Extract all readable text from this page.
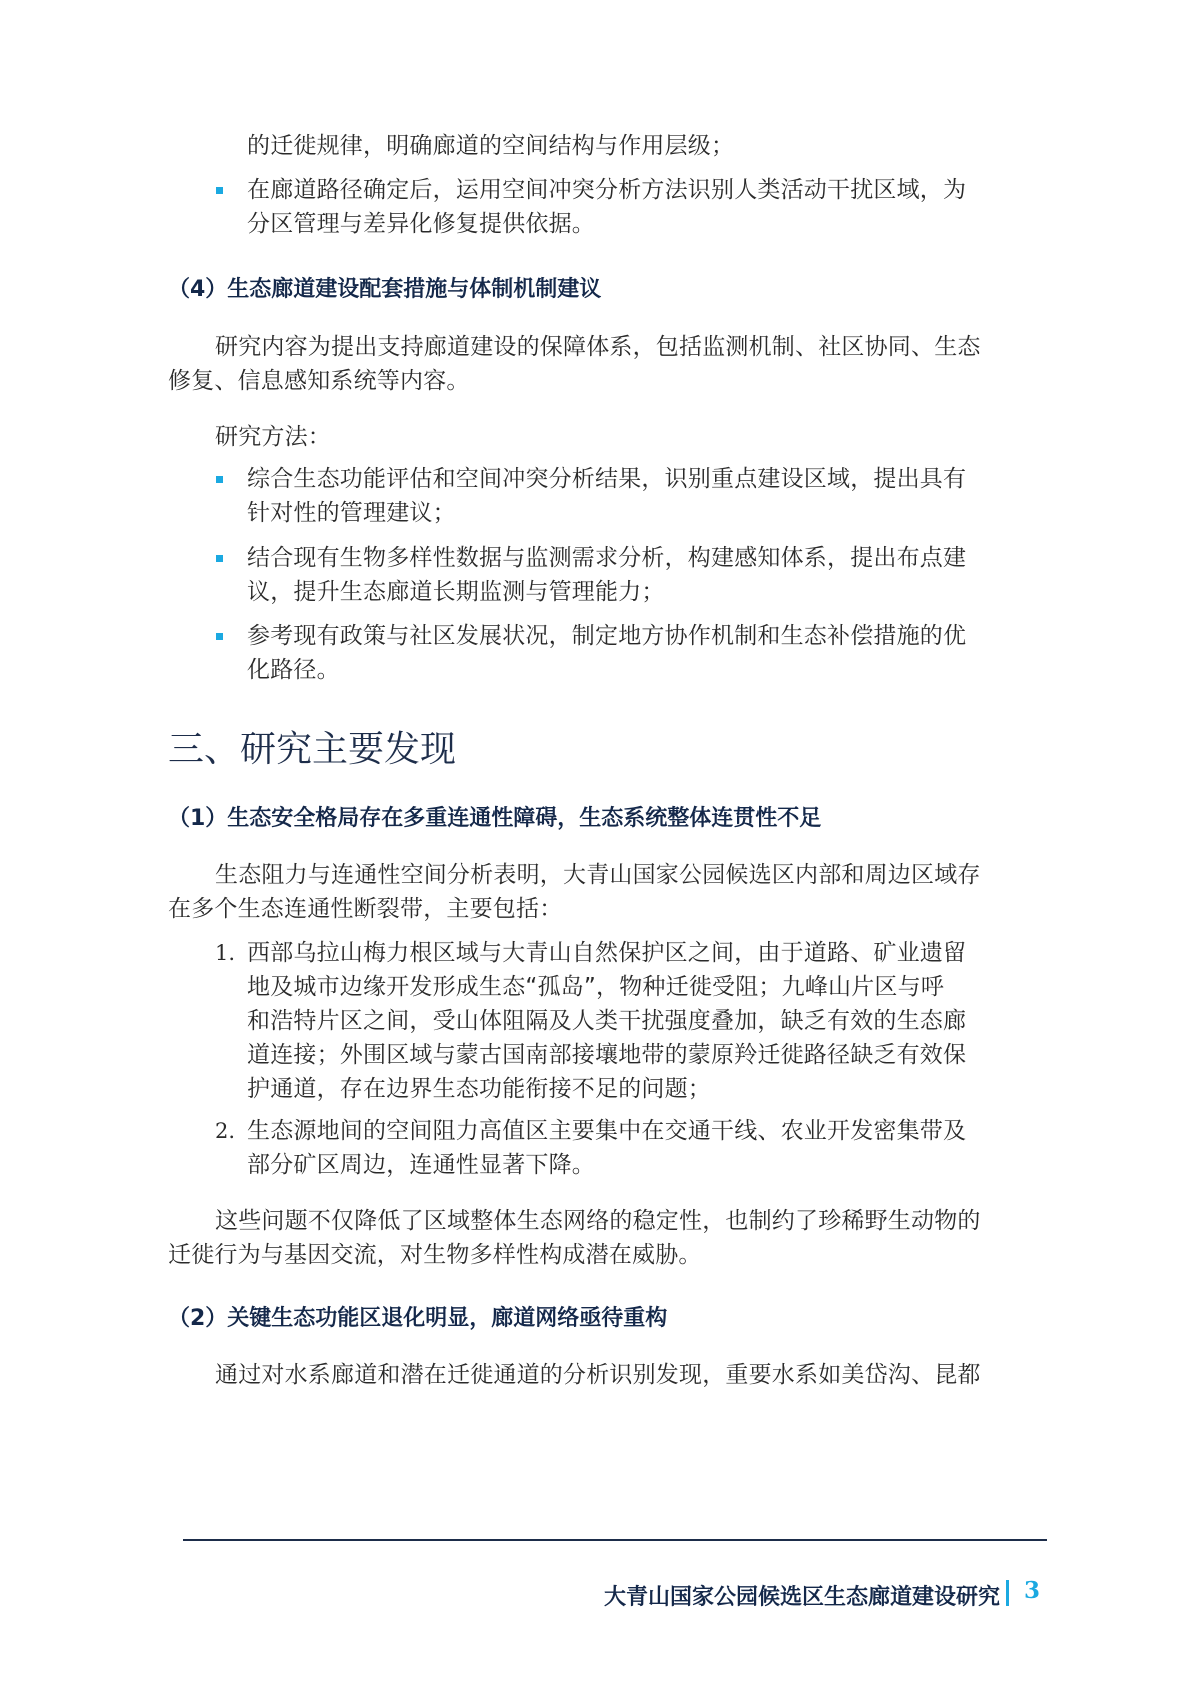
的迁徙规律，明确廊道的空间结构与作用层级；
在廊道路径确定后，运用空间冲突分析方法识别人类活动干扰区域，为
分区管理与差异化修复提供依据。
（4）生态廊道建设配套措施与体制机制建议
研究内容为提出支持廊道建设的保障体系，包括监测机制、社区协同、生态
修复、信息感知系统等内容。
研究方法：
综合生态功能评估和空间冲突分析结果，识别重点建设区域，提出具有
针对性的管理建议；
结合现有生物多样性数据与监测需求分析，构建感知体系，提出布点建
议，提升生态廊道长期监测与管理能力；
参考现有政策与社区发展状况，制定地方协作机制和生态补偿措施的优
化路径。
三、研究主要发现
（1）生态安全格局存在多重连通性障碍，生态系统整体连贯性不足
生态阻力与连通性空间分析表明，大青山国家公园候选区内部和周边区域存
在多个生态连通性断裂带，主要包括：
1. 西部乌拉山梅力根区域与大青山自然保护区之间，由于道路、矿业遗留
地及城市边缘开发形成生态“孤岛”，物种迁徙受阻；九峰山片区与呼
和浩特片区之间，受山体阻隔及人类干扰强度叠加，缺乏有效的生态廊
道连接；外围区域与蒙古国南部接壤地带的蒙原羚迁徙路径缺乏有效保
护通道，存在边界生态功能衔接不足的问题；
2. 生态源地间的空间阻力高值区主要集中在交通干线、农业开发密集带及
部分矿区周边，连通性显著下降。
这些问题不仅降低了区域整体生态网络的稳定性，也制约了珍稀野生动物的
迁徙行为与基因交流，对生物多样性构成潜在威胁。
（2）关键生态功能区退化明显，廊道网络亟待重构
通过对水系廊道和潜在迁徙通道的分析识别发现，重要水系如美岱沟、昆都
大青山国家公园候选区生态廊道建设研究 3
